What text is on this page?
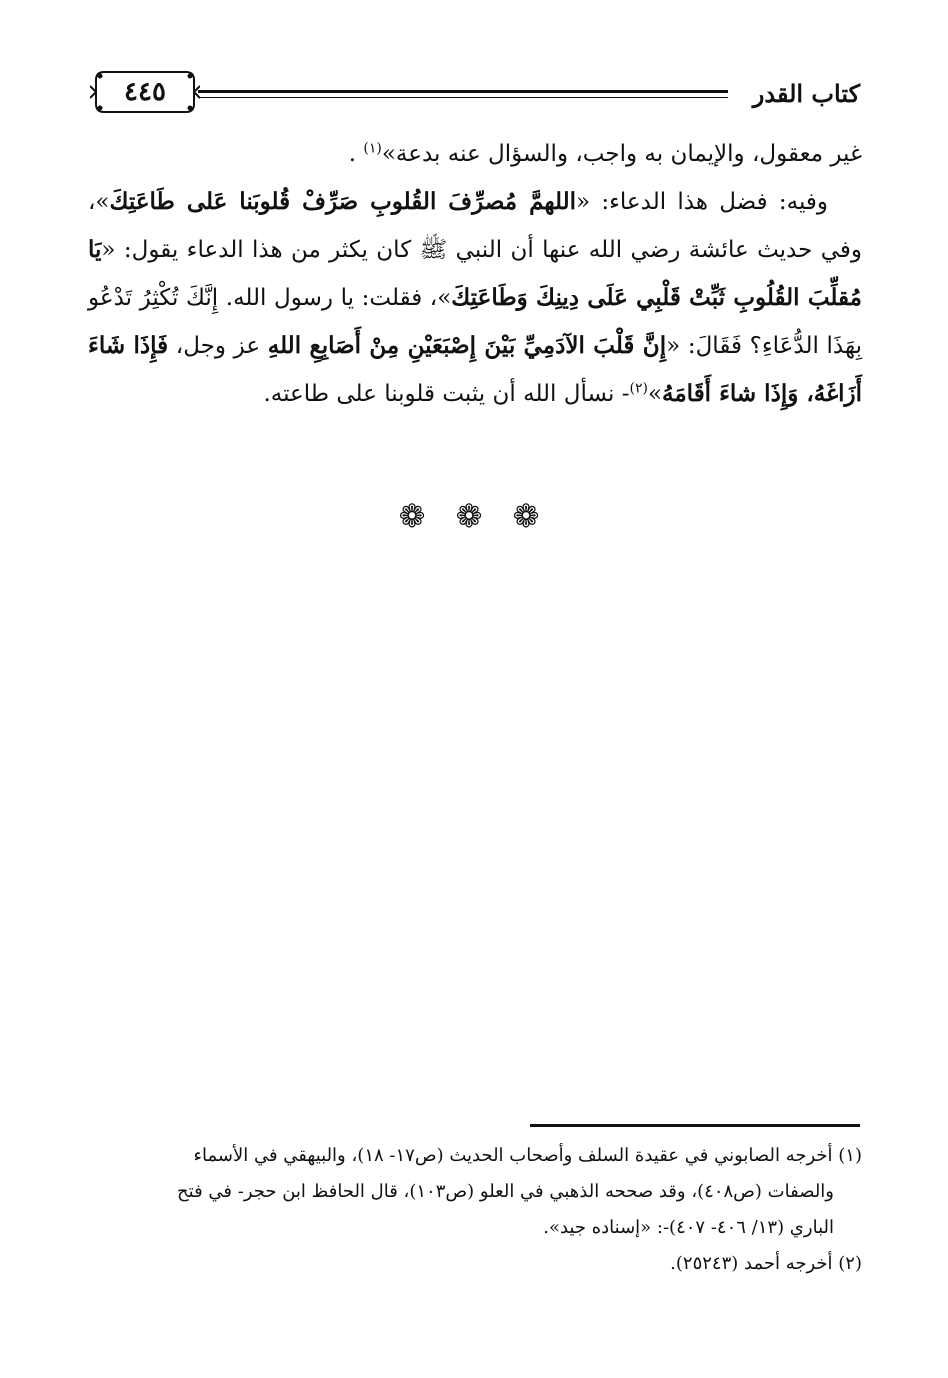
٤٤٥	كتاب القدر

غير معقول، والإيمان به واجب، والسؤال عنه بدعة»$^{(١)}$ .

وفيه: فضل هذا الدعاء: «اللهمَّ مُصرِّفَ القُلوبِ صَرِّفْ قُلوبَنا عَلى طَاعَتِكَ»، وفي حديث عائشة رضي الله عنها أن النبي ﷺ كان يكثر من هذا الدعاء يقول: «يَا مُقلِّبَ القُلُوبِ ثَبِّتْ قَلْبِي عَلَى دِينِكَ وَطَاعَتِكَ»، فقلت: يا رسول الله. إِنَّكَ تُكْثِرُ تَدْعُو بِهَذَا الدُّعَاءِ؟ فَقَالَ: «إِنَّ قَلْبَ الآدَمِيِّ بَيْنَ إِصْبَعَيْنِ مِنْ أَصَابِعِ اللهِ عز وجل، فَإِذَا شَاءَ أَزَاغَهُ، وَإِذَا شاءَ أَقَامَهُ»$^{(٢)}$- نسأل الله أن يثبت قلوبنا على طاعته.

❁ ❁ ❁

(١) أخرجه الصابوني في عقيدة السلف وأصحاب الحديث (ص١٧- ١٨)، والبيهقي في الأسماء

والصفات (ص٤٠٨)، وقد صححه الذهبي في العلو (ص١٠٣)، قال الحافظ ابن حجر- في فتح

الباري (١٣/ ٤٠٦- ٤٠٧)-: «إسناده جيد».

(٢) أخرجه أحمد (٢٥٢٤٣).
